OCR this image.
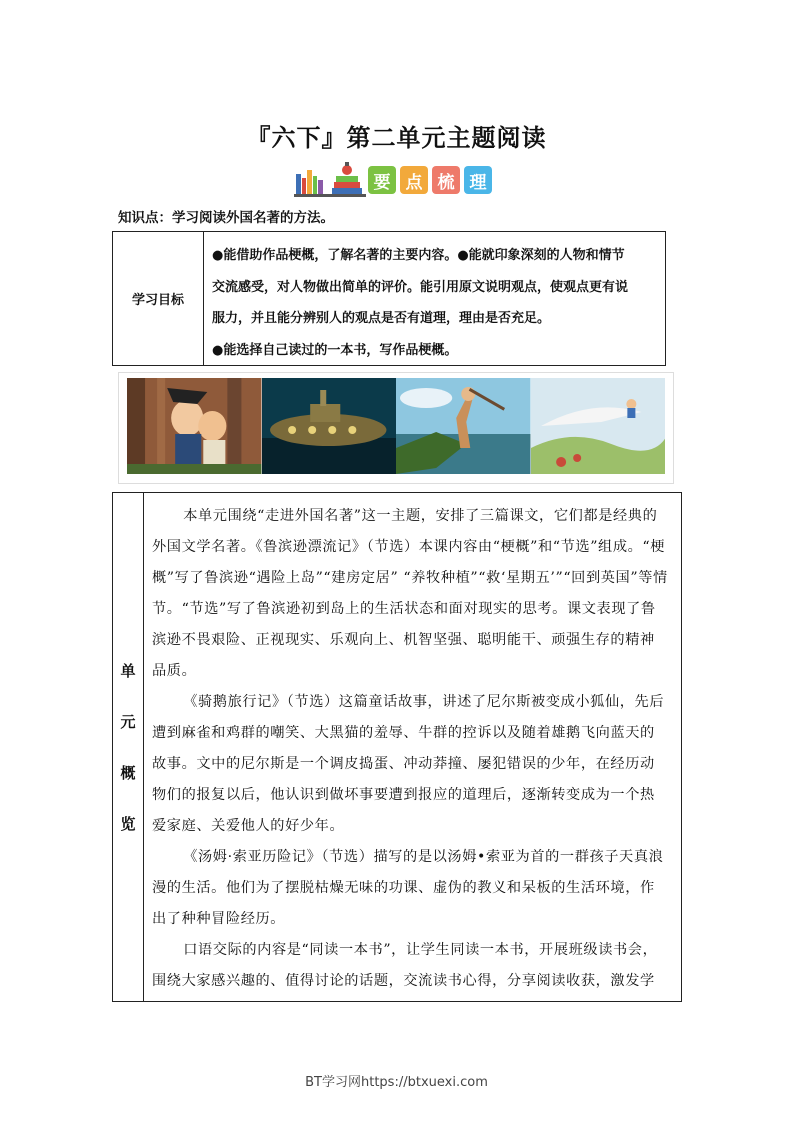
『六下』第二单元主题阅读
要 点 梳 理
知识点：学习阅读外国名著的方法。
学习目标
●能借助作品梗概，了解名著的主要内容。●能就印象深刻的人物和情节
交流感受，对人物做出简单的评价。能引用原文说明观点，使观点更有说
服力，并且能分辨别人的观点是否有道理，理由是否充足。
●能选择自己读过的一本书，写作品梗概。
单
元
概
览

本单元围绕“走进外国名著”这一主题，安排了三篇课文，它们都是经典的外国文学名著。《鲁滨逊漂流记》（节选）本课内容由“梗概”和“节选”组成。“梗概”写了鲁滨逊“遇险上岛”“建房定居” “养牧种植”“救‘星期五’”“回到英国”等情节。“节选”写了鲁滨逊初到岛上的生活状态和面对现实的思考。课文表现了鲁滨逊不畏艰险、正视现实、乐观向上、机智坚强、聪明能干、顽强生存的精神品质。

《骑鹅旅行记》（节选）这篇童话故事，讲述了尼尔斯被变成小狐仙，先后遭到麻雀和鸡群的嘲笑、大黑猫的羞辱、牛群的控诉以及随着雄鹅飞向蓝天的故事。文中的尼尔斯是一个调皮捣蛋、冲动莽撞、屡犯错误的少年，在经历动物们的报复以后，他认识到做坏事要遭到报应的道理后，逐渐转变成为一个热爱家庭、关爱他人的好少年。

《汤姆·索亚历险记》（节选）描写的是以汤姆•索亚为首的一群孩子天真浪漫的生活。他们为了摆脱枯燥无味的功课、虚伪的教义和呆板的生活环境，作出了种种冒险经历。

口语交际的内容是“同读一本书”，让学生同读一本书，开展班级读书会，围绕大家感兴趣的、值得讨论的话题，交流读书心得，分享阅读收获，激发学

BT学习网https://btxuexi.com
